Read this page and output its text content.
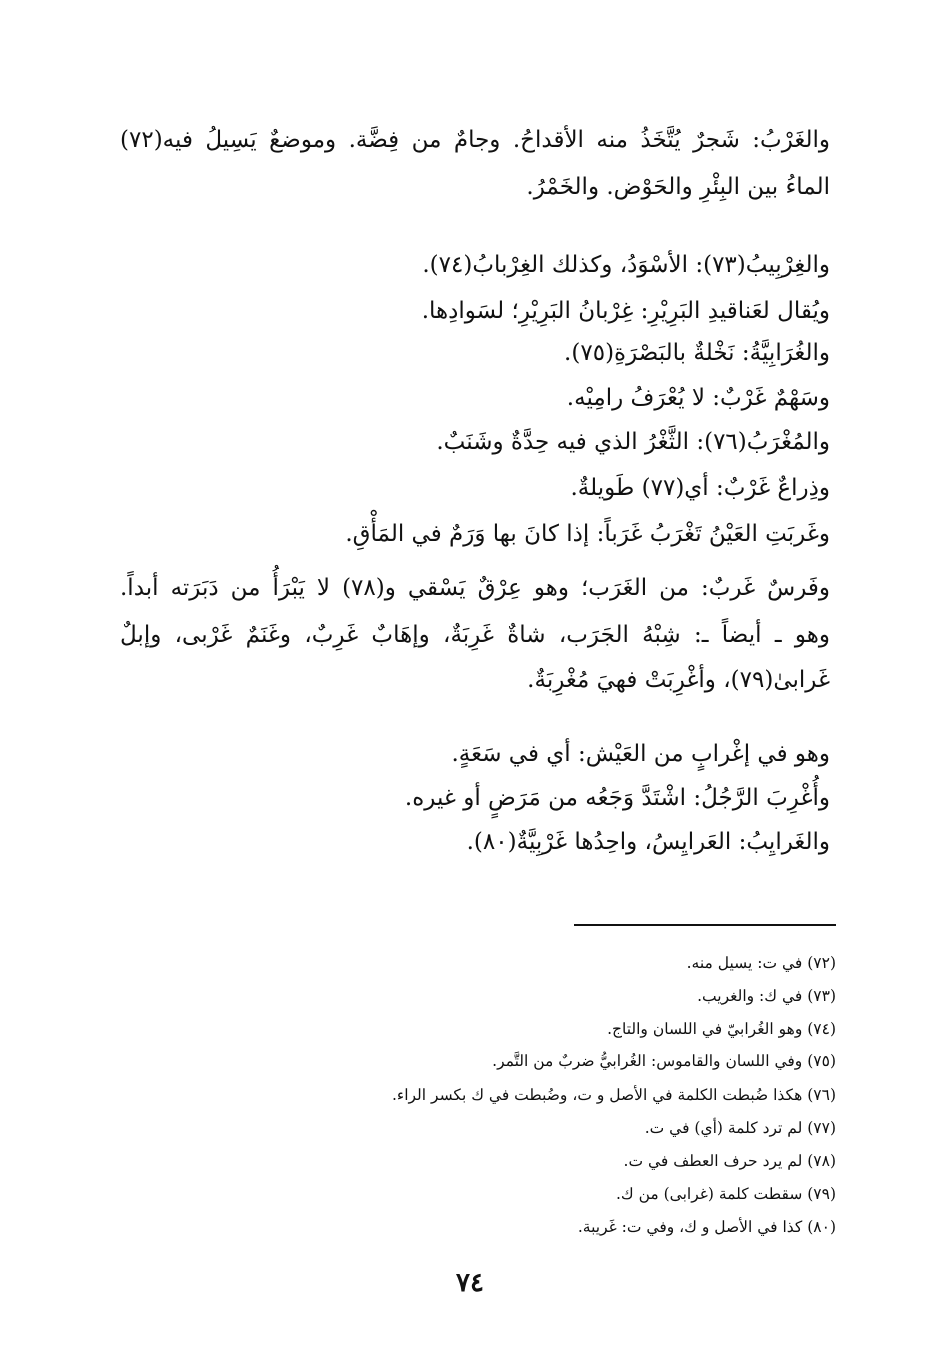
والغَرْبُ: شَجرٌ يُتَّخَذُ منه الأقداحُ. وجامٌ من فِضَّة. وموضعٌ يَسِيلُ فيه(٧٢)
الماءُ بين البِئْرِ والحَوْض. والخَمْرُ.
والغِرْبِيبُ(٧٣): الأسْوَدُ، وكذلك الغِرْبابُ(٧٤).
ويُقال لعَناقيدِ البَرِيْرِ: غِرْبانُ البَرِيْرِ؛ لسَوادِها.
والغُرَابِيَّةُ: نَخْلةٌ بالبَصْرَةِ(٧٥).
وسَهْمٌ غَرْبٌ: لا يُعْرَفُ رامِيْه.
والمُغْرَبُ(٧٦): الثَّغْرُ الذي فيه حِدَّةٌ وشَنَبٌ.
وذِراعٌ غَرْبٌ: أي(٧٧) طَويلةٌ.
وغَربَتِ العَيْنُ تَغْرَبُ غَرَباً: إذا كانَ بها وَرَمٌ في المَأْقِ.
وفَرسٌ غَربٌ: من الغَرَب؛ وهو عِرْقٌ يَسْقي و(٧٨) لا يَبْرَأُ من دَبَرَته أبداً.
وهو ـ أيضاً ـ: شِبْهُ الجَرَب، شاةٌ غَرِبَةٌ، وإهَابٌ غَرِبٌ، وغَنَمٌ غَرْبى، وإبلٌ
غَرابىٰ(٧٩)، وأغْرِبَتْ فهيَ مُغْرِبَةٌ.
وهو في إغْرابٍ من العَيْش: أي في سَعَةٍ.
وأُغْرِبَ الرَّجُلُ: اشْتَدَّ وَجَعُه من مَرَضٍ أو غيره.
والغَرايِبُ: العَرايِسُ، واحِدُها غَرْبِيَّةٌ(٨٠).
(٧٢) في ت: يسيل منه.
(٧٣) في ك: والغريب.
(٧٤) وهو الغُرابيّ في اللسان والتاج.
(٧٥) وفي اللسان والقاموس: الغُرابيُّ ضربٌ من التَّمر.
(٧٦) هكذا ضُبطت الكلمة في الأصل و ت، وضُبطت في ك بكسر الراء.
(٧٧) لم ترد كلمة (أي) في ت.
(٧٨) لم يرد حرف العطف في ت.
(٧٩) سقطت كلمة (غرابى) من ك.
(٨٠) كذا في الأصل و ك، وفي ت: غَريبة.
٧٤
